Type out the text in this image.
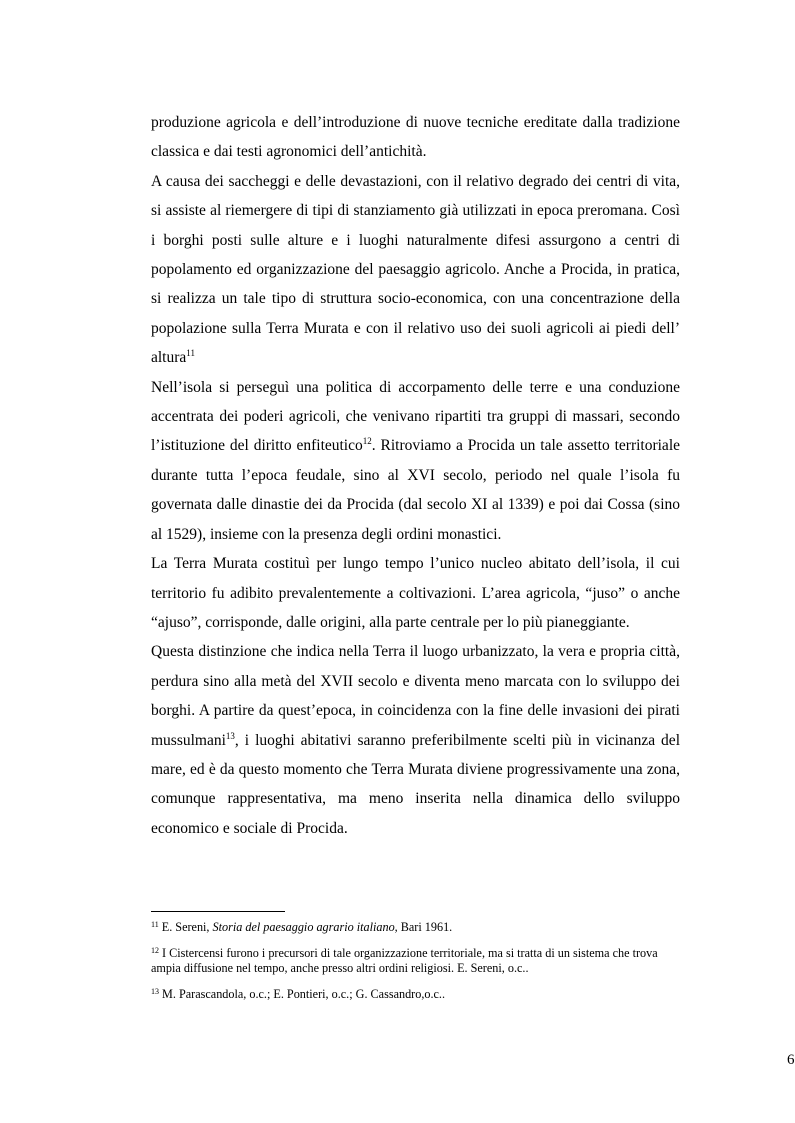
produzione agricola e dell’introduzione di nuove tecniche ereditate dalla tradizione classica e dai testi agronomici dell’antichità.

A causa dei saccheggi e delle devastazioni, con il relativo degrado dei centri di vita, si assiste al riemergere di tipi di stanziamento già utilizzati in epoca preromana. Così i borghi posti sulle alture e i luoghi naturalmente difesi assurgono a centri di popolamento ed organizzazione del paesaggio agricolo. Anche a Procida, in pratica, si realizza un tale tipo di struttura socio-economica, con una concentrazione della popolazione sulla Terra Murata e con il relativo uso dei suoli agricoli ai piedi dell’ altura$^{11}$

Nell’isola si perseguì una politica di accorpamento delle terre e una conduzione accentrata dei poderi agricoli, che venivano ripartiti tra gruppi di massari, secondo l’istituzione del diritto enfiteutico$^{12}$. Ritroviamo a Procida un tale assetto territoriale durante tutta l’epoca feudale, sino al XVI secolo, periodo nel quale l’isola fu governata dalle dinastie dei da Procida (dal secolo XI al 1339) e poi dai Cossa (sino al 1529), insieme con la presenza degli ordini monastici.

La Terra Murata costituì per lungo tempo l’unico nucleo abitato dell’isola, il cui territorio fu adibito prevalentemente a coltivazioni. L’area agricola, “juso” o anche “ajuso”, corrisponde, dalle origini, alla parte centrale per lo più pianeggiante.

Questa distinzione che indica nella Terra il luogo urbanizzato, la vera e propria città, perdura sino alla metà del XVII secolo e diventa meno marcata con lo sviluppo dei borghi. A partire da quest’epoca, in coincidenza con la fine delle invasioni dei pirati mussulmani$^{13}$, i luoghi abitativi saranno preferibilmente scelti più in vicinanza del mare, ed è da questo momento che Terra Murata diviene progressivamente una zona, comunque rappresentativa, ma meno inserita nella dinamica dello sviluppo economico e sociale di Procida.

$^{11}$ E. Sereni, Storia del paesaggio agrario italiano, Bari 1961.

$^{12}$ I Cistercensi furono i precursori di tale organizzazione territoriale, ma si tratta di un sistema che trova ampia diffusione nel tempo, anche presso altri ordini religiosi. E. Sereni, o.c..

$^{13}$ M. Parascandola, o.c.; E. Pontieri, o.c.; G. Cassandro,o.c..

6
